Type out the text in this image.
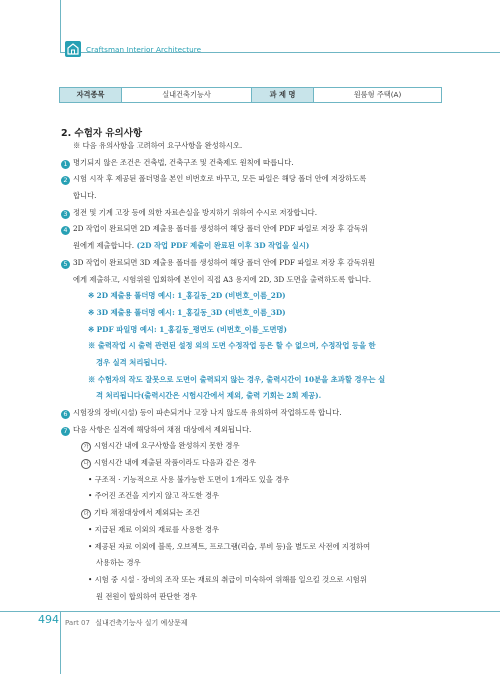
Craftsman Interior Architecture
자격종목	실내건축기능사	과 제 명	원룸형 주택(A)
2. 수험자 유의사항
※ 다음 유의사항을 고려하여 요구사항을 완성하시오.
1 명기되지 않은 조건은 건축법, 건축구조 및 건축제도 원칙에 따릅니다.
2 시험 시작 후 제공된 폴더명을 본인 비번호로 바꾸고, 모든 파일은 해당 폴더 안에 저장하도록
합니다.
3 정전 및 기계 고장 등에 의한 자료손실을 방지하기 위하여 수시로 저장합니다.
4 2D 작업이 완료되면 2D 제출용 폴더를 생성하여 해당 폴더 안에 PDF 파일로 저장 후 감독위
원에게 제출합니다. (2D 작업 PDF 제출이 완료된 이후 3D 작업을 실시)
5 3D 작업이 완료되면 3D 제출용 폴더를 생성하여 해당 폴더 안에 PDF 파일로 저장 후 감독위원
에게 제출하고, 시험위원 입회하에 본인이 직접 A3 용지에 2D, 3D 도면을 출력하도록 합니다.
※ 2D 제출용 폴더명 예시: 1_홍길동_2D (비번호_이름_2D)
※ 3D 제출용 폴더명 예시: 1_홍길동_3D (비번호_이름_3D)
※ PDF 파일명 예시: 1_홍길동_평면도 (비번호_이름_도면명)
※ 출력작업 시 출력 관련된 설정 외의 도면 수정작업 등은 할 수 없으며, 수정작업 등을 한
경우 실격 처리됩니다.
※ 수험자의 작도 잘못으로 도면이 출력되지 않는 경우, 출력시간이 10분을 초과할 경우는 실
격 처리됩니다(출력시간은 시험시간에서 제외, 출력 기회는 2회 제공).
6 시험장의 장비(시설) 등이 파손되거나 고장 나지 않도록 유의하여 작업하도록 합니다.
7 다음 사항은 실격에 해당하여 채점 대상에서 제외됩니다.
가 시험시간 내에 요구사항을 완성하지 못한 경우
나 시험시간 내에 제출된 작품이라도 다음과 같은 경우
• 구조적 · 기능적으로 사용 불가능한 도면이 1개라도 있을 경우
• 주어진 조건을 지키지 않고 작도한 경우
다 기타 채점대상에서 제외되는 조건
• 지급된 재료 이외의 재료를 사용한 경우
• 제공된 자료 이외에 블록, 오브젝트, 프로그램(리습, 루비 등)을 별도로 사전에 지정하여
사용하는 경우
• 시험 중 시설 · 장비의 조작 또는 재료의 취급이 미숙하여 위해를 일으킬 것으로 시험위
원 전원이 합의하여 판단한 경우
494 Part 07 실내건축기능사 실기 예상문제
